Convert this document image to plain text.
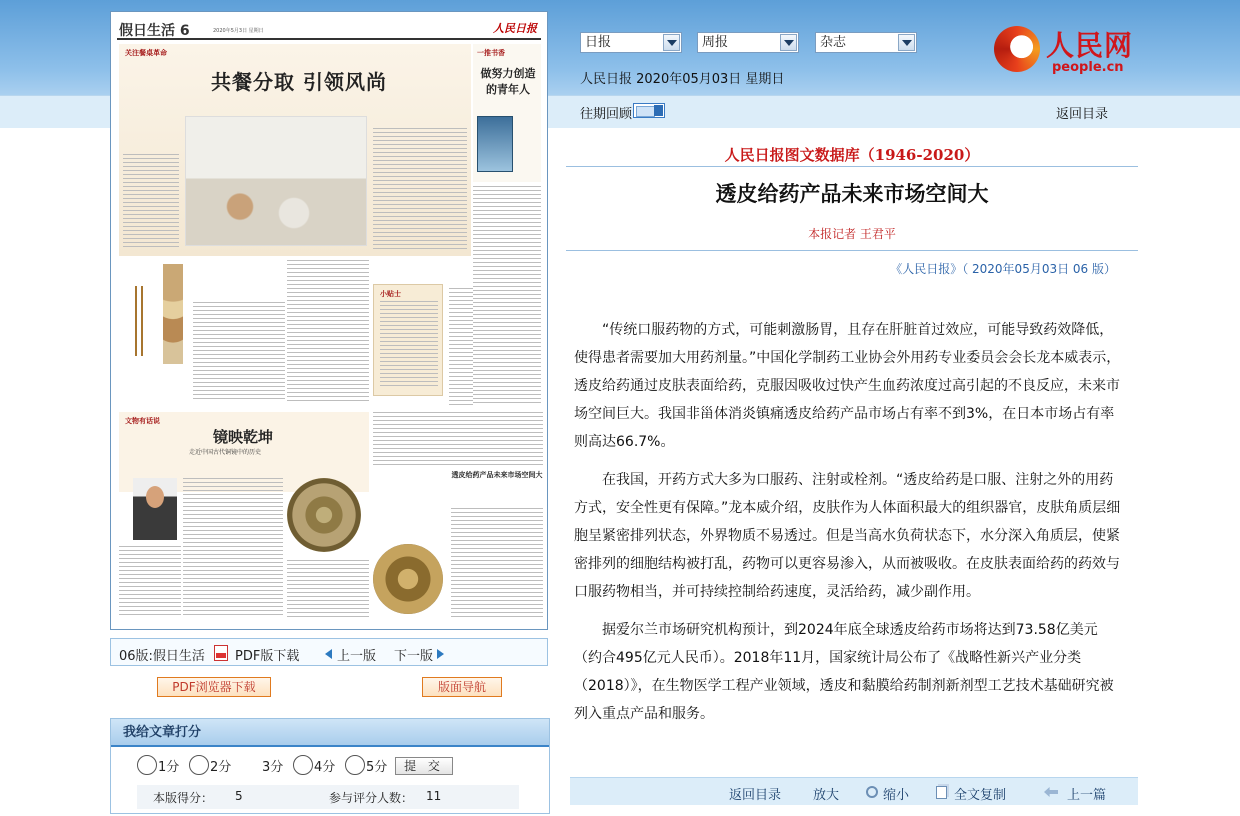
假日生活 6	2020年5月3日 星期日	人民日报
关注餐桌革命
共餐分取 引领风尚
一推书香
做努力创造的青年人
小贴士
文物有话说
镜映乾坤
走近中国古代铜镜中的历史
透皮给药产品未来市场空间大
06版:假日生活 PDF版下载	上一版 下一版
PDF浏览器下载	版面导航
我给文章打分
1分	2分	3分	4分	5分	提 交
本版得分： 5	参与评分人数： 11
日报	周报	杂志
人民日报 2020年05月03日 星期日
人民网
people.cn
往期回顾	返回目录
人民日报图文数据库（1946-2020）
透皮给药产品未来市场空间大
本报记者 王君平
《人民日报》（ 2020年05月03日 06 版）

“传统口服药物的方式，可能刺激肠胃，且存在肝脏首过效应，可能导致药效降低，使得患者需要加大用药剂量。”中国化学制药工业协会外用药专业委员会会长龙本威表示，透皮给药通过皮肤表面给药，克服因吸收过快产生血药浓度过高引起的不良反应，未来市场空间巨大。我国非甾体消炎镇痛透皮给药产品市场占有率不到3%，在日本市场占有率则高达66.7%。

在我国，开药方式大多为口服药、注射或栓剂。“透皮给药是口服、注射之外的用药方式，安全性更有保障。”龙本威介绍，皮肤作为人体面积最大的组织器官，皮肤角质层细胞呈紧密排列状态，外界物质不易透过。但是当高水负荷状态下，水分深入角质层，使紧密排列的细胞结构被打乱，药物可以更容易渗入，从而被吸收。在皮肤表面给药的药效与口服药物相当，并可持续控制给药速度，灵活给药，减少副作用。

据爱尔兰市场研究机构预计，到2024年底全球透皮给药市场将达到73.58亿美元（约合495亿元人民币）。2018年11月，国家统计局公布了《战略性新兴产业分类（2018）》，在生物医学工程产业领域，透皮和黏膜给药制剂新剂型工艺技术基础研究被列入重点产品和服务。

返回目录 放大	缩小	全文复制	上一篇
